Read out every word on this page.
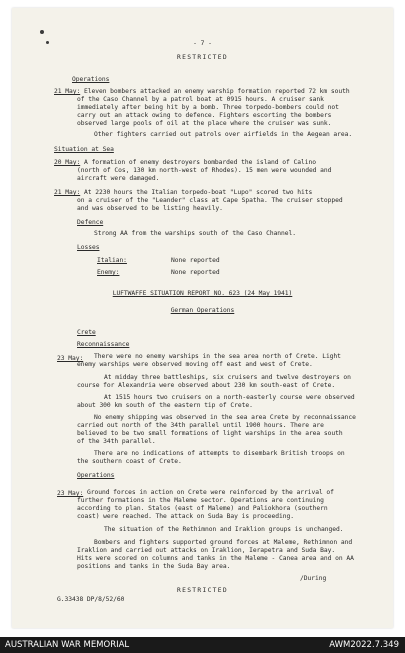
- 7 -
RESTRICTED
Operations
21 May: Eleven bombers attacked an enemy warship formation reported 72 km south
of the Caso Channel by a patrol boat at 0915 hours. A cruiser sank
immediately after being hit by a bomb. Three torpedo-bombers could not
carry out an attack owing to defence. Fighters escorting the bombers
observed large pools of oil at the place where the cruiser was sunk.
Other fighters carried out patrols over airfields in the Aegean area.
Situation at Sea
20 May: A formation of enemy destroyers bombarded the island of Calino
(north of Cos, 130 km north-west of Rhodes). 15 men were wounded and
aircraft were damaged.
21 May: At 2230 hours the Italian torpedo-boat "Lupo" scored two hits
on a cruiser of the "Leander" class at Cape Spatha. The cruiser stopped
and was observed to be listing heavily.
Defence
Strong AA from the warships south of the Caso Channel.
Losses
Italian:	None reported
Enemy:	None reported
LUFTWAFFE SITUATION REPORT NO. 623 (24 May 1941)
German Operations
Crete
Reconnaissance
23 May: There were no enemy warships in the sea area north of Crete. Light
enemy warships were observed moving off east and west of Crete.
At midday three battleships, six cruisers and twelve destroyers on
course for Alexandria were observed about 230 km south-east of Crete.
At 1515 hours two cruisers on a north-easterly course were observed
about 300 km south of the eastern tip of Crete.
No enemy shipping was observed in the sea area Crete by reconnaissance
carried out north of the 34th parallel until 1900 hours. There are
believed to be two small formations of light warships in the area south
of the 34th parallel.
There are no indications of attempts to disembark British troops on
the southern coast of Crete.
Operations
23 May: Ground forces in action on Crete were reinforced by the arrival of
further formations in the Maleme sector. Operations are continuing
according to plan. Stalos (east of Maleme) and Paliokhora (southern
coast) were reached. The attack on Suda Bay is proceeding.
The situation of the Rethimnon and Iraklion groups is unchanged.
Bombers and fighters supported ground forces at Maleme, Rethimnon and
Iraklion and carried out attacks on Iraklion, Ierapetra and Suda Bay.
Hits were scored on columns and tanks in the Maleme - Canea area and on AA
positions and tanks in the Suda Bay area.
/During
RESTRICTED
G.33438 DP/8/52/60
AUSTRALIAN WAR MEMORIAL	AWM2022.7.349
